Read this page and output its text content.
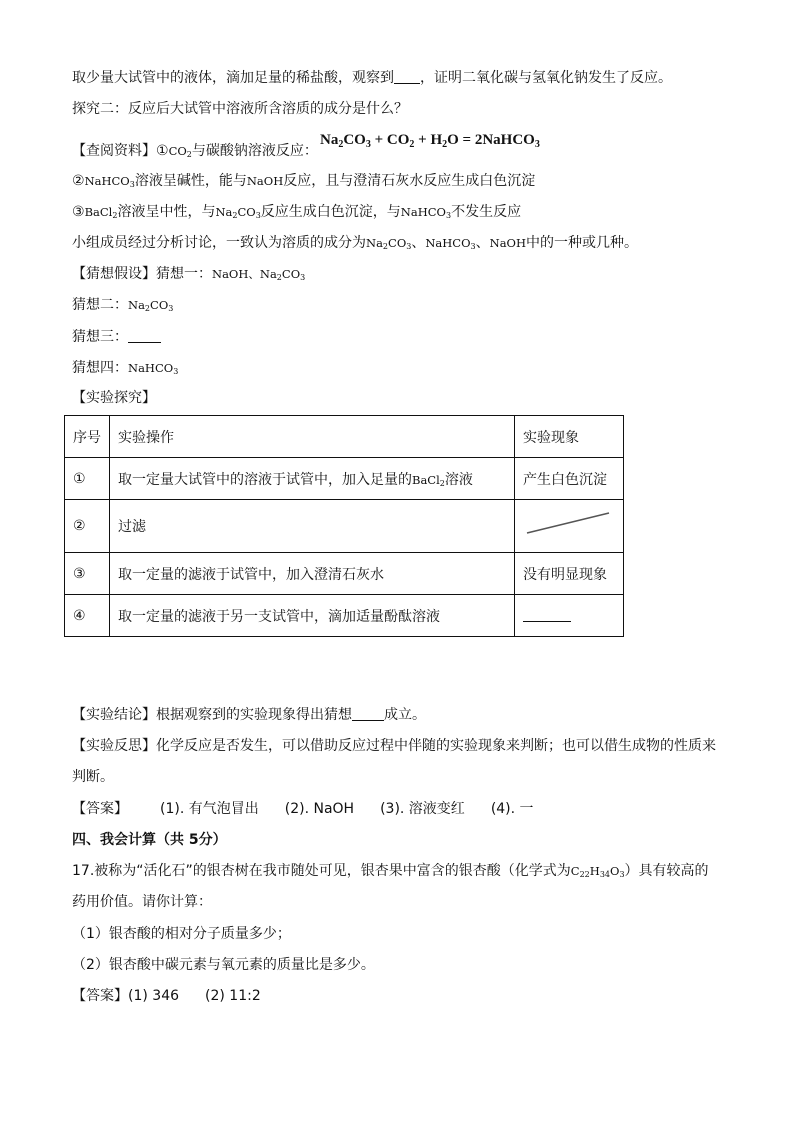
取少量大试管中的液体，滴加足量的稀盐酸，观察到 ，证明二氧化碳与氢氧化钠发生了反应。
探究二：反应后大试管中溶液所含溶质的成分是什么？
【查阅资料】$①CO_2$与碳酸钠溶液反应：
$Na_2CO_3 + CO_2 + H_2O$ = 2NaHCO$_3$
②NaHCO$_3$溶液呈碱性，能与NaOH反应，且与澄清石灰水反应生成白色沉淀
③BaCl$_2$溶液呈中性，与$Na_2CO_3$反应生成白色沉淀，与NaHCO$_3$不发生反应
小组成员经过分析讨论，一致认为溶质的成分为$Na_2CO_3$、NaHCO$_3$、NaOH中的一种或几种。
【猜想假设】猜想一：NaOH、$Na_2CO_3$
猜想二：$Na_2CO_3$
猜想三：
猜想四：NaHCO$_3$
【实验探究】
序号	实验操作	实验现象
①	取一定量大试管中的溶液于试管中，加入足量的BaCl$_2$溶液	产生白色沉淀
②	过滤	
③	取一定量的滤液于试管中，加入澄清石灰水	没有明显现象
④	取一定量的滤液于另一支试管中，滴加适量酚酞溶液	
【实验结论】根据观察到的实验现象得出猜想 成立。
【实验反思】化学反应是否发生，可以借助反应过程中伴随的实验现象来判断；也可以借生成物的性质来
判断。
【答案】 (1). 有气泡冒出 (2). NaOH (3). 溶液变红 (4). 一
四、我会计算（共 5分）
17.被称为“活化石”的银杏树在我市随处可见，银杏果中富含的银杏酸（化学式为$C_{22}H_{34}O_3$）具有较高的
药用价值。请你计算：
（1）银杏酸的相对分子质量多少；
（2）银杏酸中碳元素与氧元素的质量比是多少。
【答案】(1) 346 (2) 11:2
